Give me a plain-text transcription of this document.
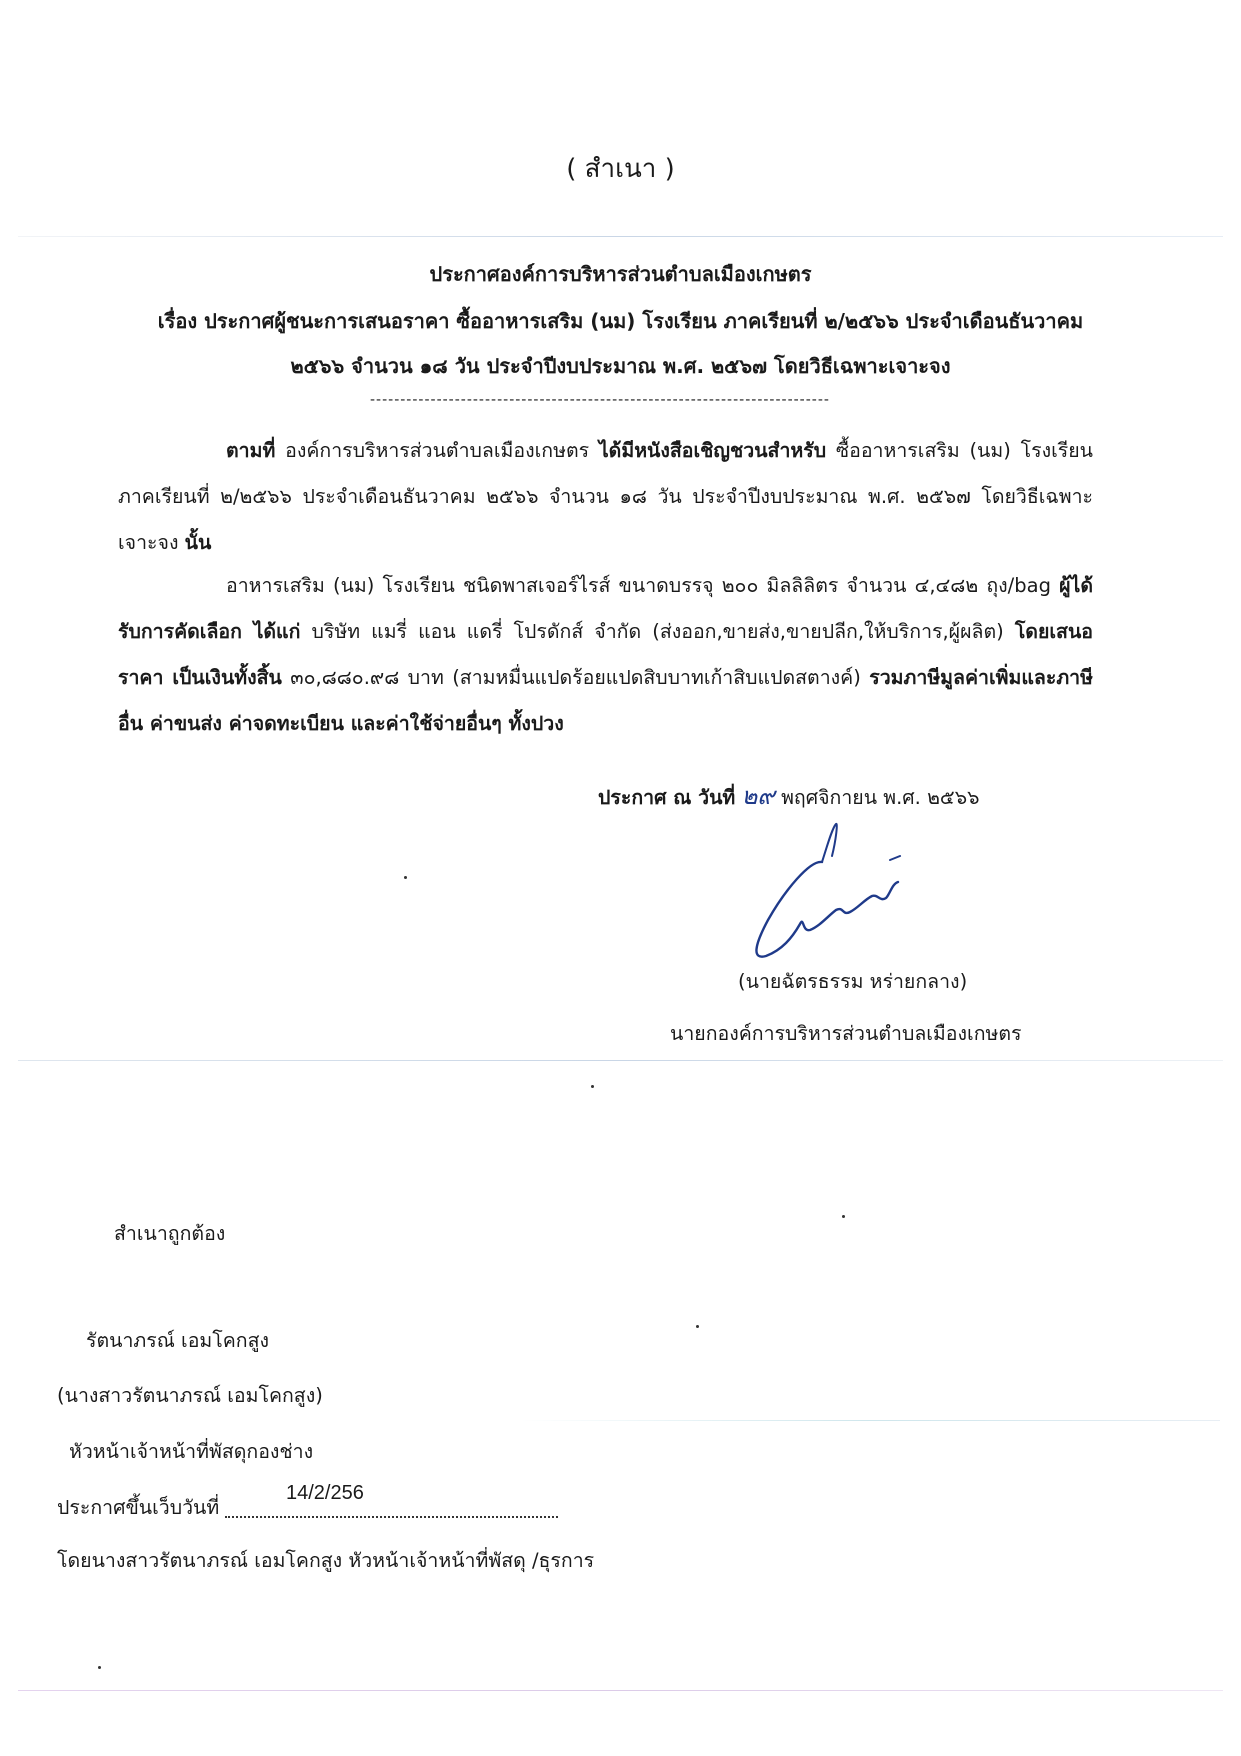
( สำเนา )
ประกาศองค์การบริหารส่วนตำบลเมืองเกษตร
เรื่อง ประกาศผู้ชนะการเสนอราคา ซื้ออาหารเสริม (นม) โรงเรียน ภาคเรียนที่ ๒/๒๕๖๖ ประจำเดือนธันวาคม
๒๕๖๖ จำนวน ๑๘ วัน ประจำปีงบประมาณ พ.ศ. ๒๕๖๗ โดยวิธีเฉพาะเจาะจง
----------------------------------------------------------------------------

ตามที่ องค์การบริหารส่วนตำบลเมืองเกษตร ได้มีหนังสือเชิญชวนสำหรับ ซื้ออาหารเสริม (นม) โรงเรียน ภาคเรียนที่ ๒/๒๕๖๖ ประจำเดือนธันวาคม ๒๕๖๖ จำนวน ๑๘ วัน ประจำปีงบประมาณ พ.ศ. ๒๕๖๗ โดยวิธีเฉพาะเจาะจง นั้น

อาหารเสริม (นม) โรงเรียน ชนิดพาสเจอร์ไรส์ ขนาดบรรจุ ๒๐๐ มิลลิลิตร จำนวน ๔,๔๘๒ ถุง/bag ผู้ได้รับการคัดเลือก ได้แก่ บริษัท แมรี่ แอน แดรี่ โปรดักส์ จำกัด (ส่งออก,ขายส่ง,ขายปลีก,ให้บริการ,ผู้ผลิต) โดยเสนอราคา เป็นเงินทั้งสิ้น ๓๐,๘๘๐.๙๘ บาท (สามหมื่นแปดร้อยแปดสิบบาทเก้าสิบแปดสตางค์) รวมภาษีมูลค่าเพิ่มและภาษีอื่น ค่าขนส่ง ค่าจดทะเบียน และค่าใช้จ่ายอื่นๆ ทั้งปวง

ประกาศ ณ วันที่ ๒๙ พฤศจิกายน พ.ศ. ๒๕๖๖
(นายฉัตรธรรม หร่ายกลาง)
นายกองค์การบริหารส่วนตำบลเมืองเกษตร
สำเนาถูกต้อง
รัตนาภรณ์ เอมโคกสูง
(นางสาวรัตนาภรณ์ เอมโคกสูง)
หัวหน้าเจ้าหน้าที่พัสดุกองช่าง
ประกาศขึ้นเว็บวันที่
14/2/256
โดยนางสาวรัตนาภรณ์ เอมโคกสูง หัวหน้าเจ้าหน้าที่พัสดุ /ธุรการ
